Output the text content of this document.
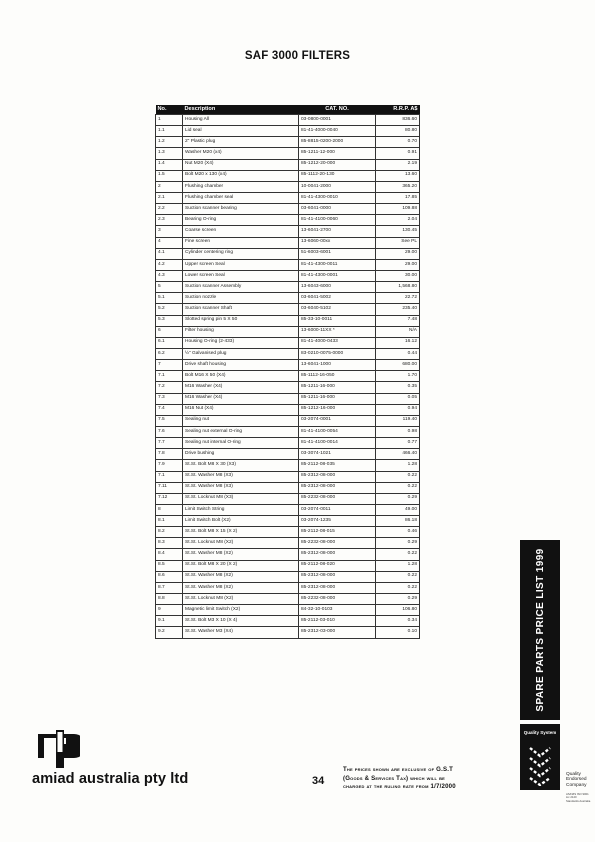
SAF 3000 FILTERS
No.	Description	CAT. NO.	R.R.P. A$
1	Housing All	03-0800-0001	836.60
1.1	Lid seal	81-41-4000-0040	80.80
1.2	2" Plastic plug	85-8815-0200-2000	0.70
1.3	Washer M20 (x4)	85-1211-12-000	0.91
1.4	Nut M20 (X4)	85-1212-20-000	2.19
1.5	Bolt M20 x 130 (x4)	85-1112-20-130	13.60
2	Flushing chamber	10-0041-2000	365.20
2.1	Flushing chamber seal	81-41-4300-0010	17.85
2.2	Suction scanner bearing	03-6041-0000	109.88
2.3	Bearing O-ring	81-41-4100-0060	2.04
3	Coarse screen	13-6041-2700	130.45
4	Fine screen	13-6060-00xx	See PL
4.1	Cylinder centering ring	51-6003-6001	29.00
4.2	Upper screen Seal	81-41-4300-0011	29.00
4.3	Lower screen Seal	81-41-4300-0001	30.00
5	Suction scanner Assembly	13-6043-6000	1,568.80
5.1	Suction nozzle	03-6041-5002	22.72
5.2	Suction scanner Shaft	03-6040-5102	235.40
5.3	Slotted spring pin 5 X 50	85-33-10-0011	7.48
6	Filter housing	13-6000-11XX *	N/A
6.1	Housing O-ring (2-433)	81-41-4000-0433	16.12
6.2	½" Galvanised plug	83-0210-0075-0000	0.44
7	Drive shaft housing	13-6041-1000	680.00
7.1	Bolt M16 X 50 (X4)	85-1112-16-050	1.70
7.2	M16 Washer (X4)	85-1211-16-000	0.35
7.3	M16 Washer (X4)	85-1211-16-000	0.05
7.4	M16 Nut (X4)	85-1212-16-000	0.94
7.5	Sealing nut	03-2074-0001	119.40
7.6	Sealing nut external O-ring	81-41-4100-0054	0.98
7.7	Sealing nut internal O-ring	81-41-4100-0014	0.77
7.8	Drive bushing	03-3074-1021	466.40
7.9	St.St. Bolt M8 X 30 (X3)	85-2112-08-035	1.28
7.1	St.St. Washer M8 (X3)	85-2312-08-000	0.22
7.11	St.St. Washer M8 (X3)	85-2312-08-000	0.22
7.12	St.St. Locknut M8 (X3)	85-2232-08-000	0.29
8	Limit Switch String	03-2074-0011	49.00
8.1	Limit Switch Bolt (X2)	03-2074-1235	86.18
8.2	St.St. Bolt M8 X 15 (X 2)	85-2112-08-015	0.46
8.3	St.St. Locknut M8 (X2)	85-2232-08-000	0.29
8.4	St.St. Washer M8 (X2)	85-2312-08-000	0.22
8.5	St.St. Bolt M8 X 20 (X 2)	85-2112-08-020	1.28
8.6	St.St. Washer M8 (X2)	85-2312-08-000	0.22
8.7	St.St. Washer M8 (X2)	85-2312-08-000	0.22
8.8	St.St. Locknut M8 (X2)	85-2232-08-000	0.29
9	Magnetic limit Switch (X2)	84-32-10-0103	106.80
9.1	St.St. Bolt M3 X 10 (X 4)	85-2112-03-010	0.34
9.2	St.St. Washer M3 (X4)	85-2312-03-000	0.10	SPARE PARTS PRICE LIST 1999
Quality System
Quality
Endorsed
Company
AS/NZS ISO 9001
Lic 2120
Standards Australia
amiad australia pty ltd	34
The prices shown are exclusive of G.S.T
(Goods & Services Tax) which will be
charged at the ruling rate from 1/7/2000
